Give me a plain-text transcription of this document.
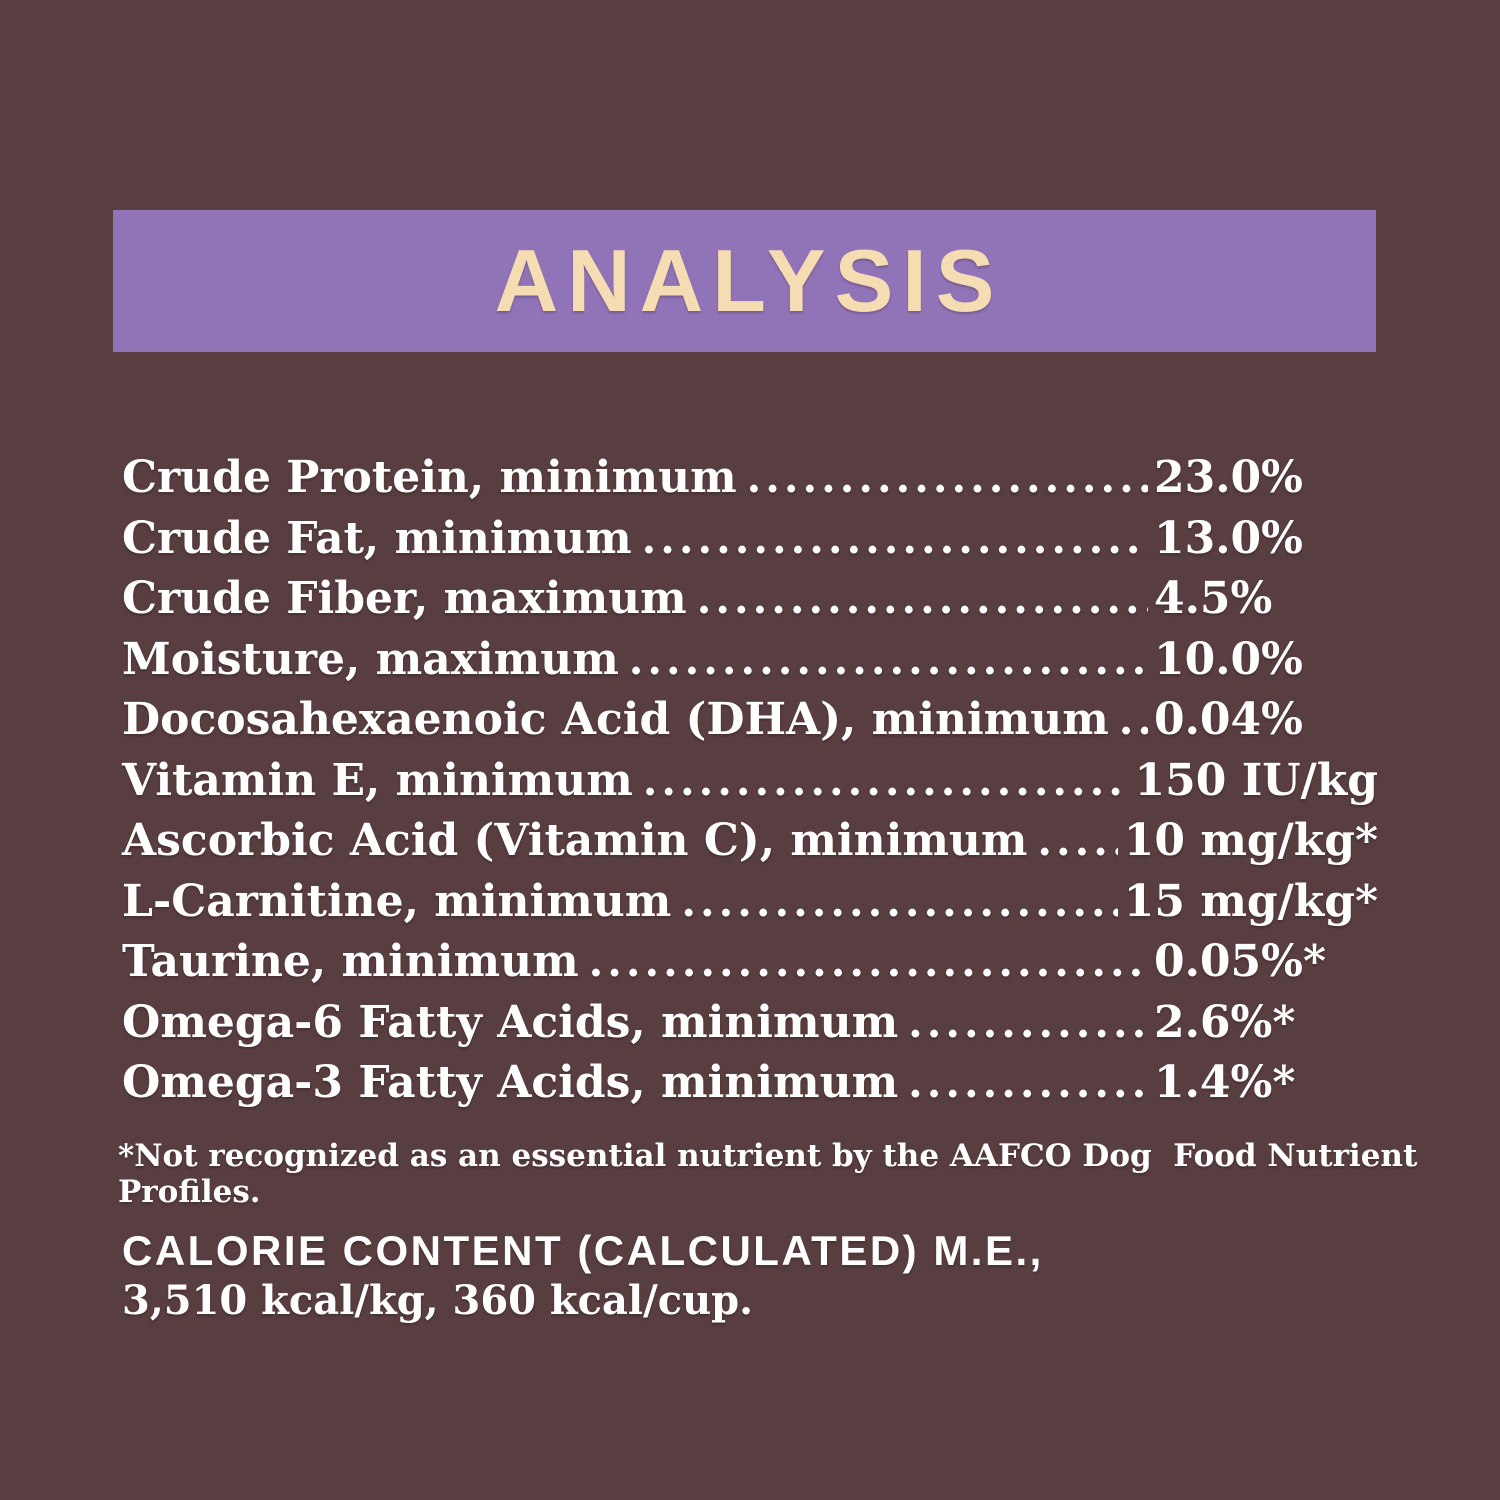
ANALYSIS
Crude Protein, minimum .....	23.0%
Crude Fat, minimum .....	13.0%
Crude Fiber, maximum .....	4.5%
Moisture, maximum .....	10.0%
Docosahexaenoic Acid (DHA), minimum ..... 0.04%
Vitamin E, minimum .....	150 IU/kg
Ascorbic Acid (Vitamin C), minimum ..... 10 mg/kg*
L-Carnitine, minimum .....	15 mg/kg*
Taurine, minimum .....	0.05%*
Omega-6 Fatty Acids, minimum .....	2.6%*
Omega-3 Fatty Acids, minimum .....	1.4%*
*Not recognized as an essential nutrient by the AAFCO Dog  Food Nutrient Profiles.
CALORIE CONTENT (CALCULATED) M.E.,
3,510 kcal/kg, 360 kcal/cup.
